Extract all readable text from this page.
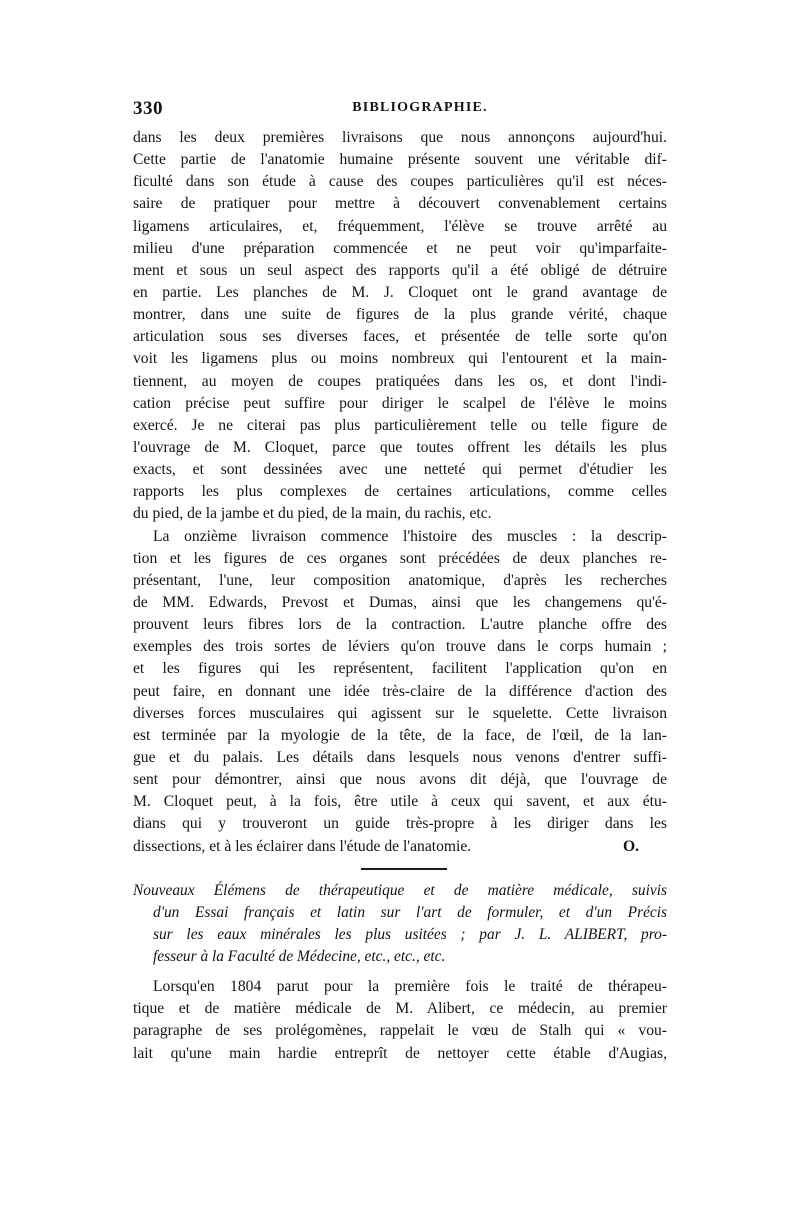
330	BIBLIOGRAPHIE.
dans les deux premières livraisons que nous annonçons aujourd'hui.
Cette partie de l'anatomie humaine présente souvent une véritable dif-
ficulté dans son étude à cause des coupes particulières qu'il est néces-
saire de pratiquer pour mettre à découvert convenablement certains
ligamens articulaires, et, fréquemment, l'élève se trouve arrêté au
milieu d'une préparation commencée et ne peut voir qu'imparfaite-
ment et sous un seul aspect des rapports qu'il a été obligé de détruire
en partie. Les planches de M. J. Cloquet ont le grand avantage de
montrer, dans une suite de figures de la plus grande vérité, chaque
articulation sous ses diverses faces, et présentée de telle sorte qu'on
voit les ligamens plus ou moins nombreux qui l'entourent et la main-
tiennent, au moyen de coupes pratiquées dans les os, et dont l'indi-
cation précise peut suffire pour diriger le scalpel de l'élève le moins
exercé. Je ne citerai pas plus particulièrement telle ou telle figure de
l'ouvrage de M. Cloquet, parce que toutes offrent les détails les plus
exacts, et sont dessinées avec une netteté qui permet d'étudier les
rapports les plus complexes de certaines articulations, comme celles
du pied, de la jambe et du pied, de la main, du rachis, etc.
La onzième livraison commence l'histoire des muscles : la descrip-
tion et les figures de ces organes sont précédées de deux planches re-
présentant, l'une, leur composition anatomique, d'après les recherches
de MM. Edwards, Prevost et Dumas, ainsi que les changemens qu'é-
prouvent leurs fibres lors de la contraction. L'autre planche offre des
exemples des trois sortes de léviers qu'on trouve dans le corps humain ;
et les figures qui les représentent, facilitent l'application qu'on en
peut faire, en donnant une idée très-claire de la différence d'action des
diverses forces musculaires qui agissent sur le squelette. Cette livraison
est terminée par la myologie de la tête, de la face, de l'œil, de la lan-
gue et du palais. Les détails dans lesquels nous venons d'entrer suffi-
sent pour démontrer, ainsi que nous avons dit déjà, que l'ouvrage de
M. Cloquet peut, à la fois, être utile à ceux qui savent, et aux étu-
dians qui y trouveront un guide très-propre à les diriger dans les
dissections, et à les éclairer dans l'étude de l'anatomie.	O.
Nouveaux Élémens de thérapeutique et de matière médicale, suivis
d'un Essai français et latin sur l'art de formuler, et d'un Précis
sur les eaux minérales les plus usitées ; par J. L. ALIBERT, pro-
fesseur à la Faculté de Médecine, etc., etc., etc.
Lorsqu'en 1804 parut pour la première fois le traité de thérapeu-
tique et de matière médicale de M. Alibert, ce médecin, au premier
paragraphe de ses prolégomènes, rappelait le vœu de Stalh qui « vou-
lait qu'une main hardie entreprît de nettoyer cette étable d'Augias,
